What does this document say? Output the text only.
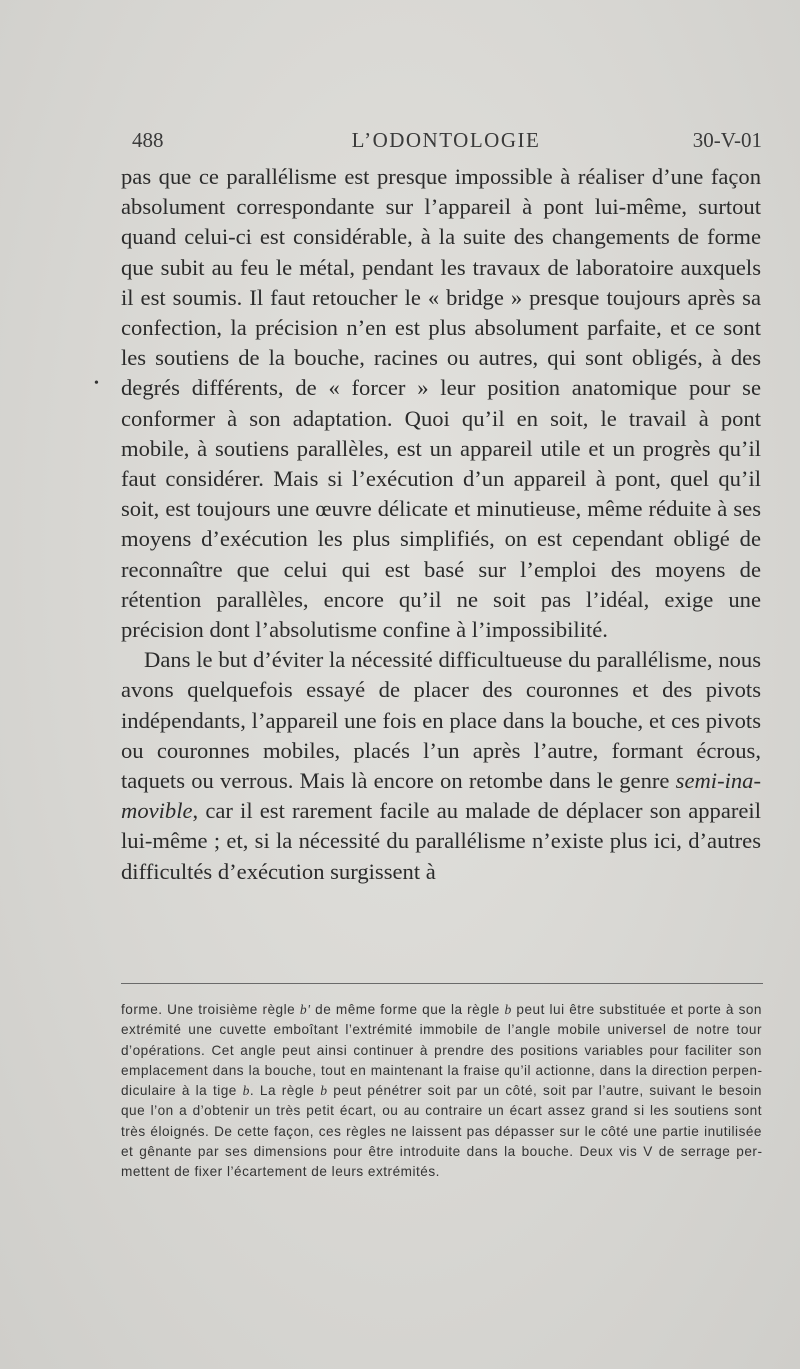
488	L’ODONTOLOGIE	30-V-01
•

pas que ce parallélisme est presque impossible à réaliser d’une façon absolument correspondante sur l’appareil à pont lui-même, surtout quand celui-ci est considérable, à la suite des changements de forme que subit au feu le métal, pendant les travaux de laboratoire auxquels il est soumis. Il faut retoucher le « bridge » presque toujours après sa confection, la précision n’en est plus absolument parfaite, et ce sont les soutiens de la bouche, racines ou autres, qui sont obligés, à des degrés différents, de « forcer » leur position anatomique pour se conformer à son adaptation. Quoi qu’il en soit, le travail à pont mobile, à soutiens parallèles, est un appareil utile et un progrès qu’il faut considérer. Mais si l’exécution d’un appareil à pont, quel qu’il soit, est toujours une œuvre délicate et minutieuse, même réduite à ses moyens d’exécution les plus simplifiés, on est cependant obligé de reconnaître que celui qui est basé sur l’emploi des moyens de rétention parallèles, encore qu’il ne soit pas l’idéal, exige une précision dont l’absolutisme confine à l’impossibilité.

Dans le but d’éviter la nécessité difficultueuse du parallélisme, nous avons quelquefois essayé de placer des couronnes et des pivots indépendants, l’appareil une fois en place dans la bouche, et ces pivots ou couronnes mobiles, placés l’un après l’autre, formant écrous, taquets ou verrous. Mais là encore on retombe dans le genre semi-inamovible, car il est rarement facile au malade de déplacer son appareil lui-même ; et, si la nécessité du parallélisme n’existe plus ici, d’autres difficultés d’exécution surgissent à

forme. Une troisième règle b' de même forme que la règle b peut lui être substituée et porte à son extrémité une cuvette emboîtant l’extrémité immobile de l’angle mobile universel de notre tour d’opérations. Cet angle peut ainsi continuer à prendre des positions variables pour faciliter son emplacement dans la bouche, tout en maintenant la fraise qu’il actionne, dans la direction perpendiculaire à la tige b. La règle b peut pénétrer soit par un côté, soit par l’autre, suivant le besoin que l’on a d’obtenir un très petit écart, ou au contraire un écart assez grand si les soutiens sont très éloignés. De cette façon, ces règles ne laissent pas dépasser sur le côté une partie inutilisée et gênante par ses dimensions pour être introduite dans la bouche. Deux vis V de serrage permettent de fixer l’écartement de leurs extrémités.
